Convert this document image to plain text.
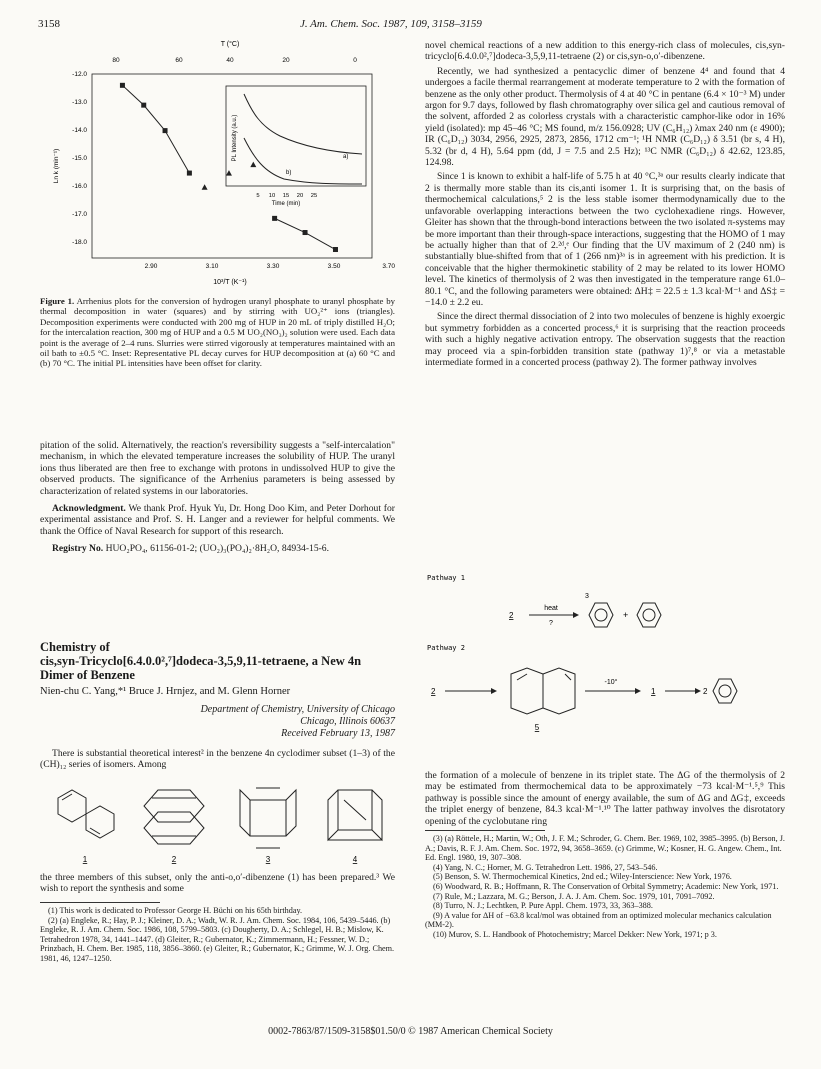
3158	J. Am. Chem. Soc. 1987, 109, 3158–3159
T (°C)
80	60	40	20	0
-12.0
-13.0
-14.0
-15.0
-16.0
-17.0
-18.0
Ln k (min⁻¹)
2.90	3.10	3.30	3.50	3.70
10³/T (K⁻¹)
PL Intensity (a.u.)	a)
b)
5 10 15 20 25
Time (min)
Figure 1. Arrhenius plots for the conversion of hydrogen uranyl phosphate to uranyl phosphate by thermal decomposition in water (squares) and by stirring with UO₂²⁺ ions (triangles). Decomposition experiments were conducted with 200 mg of HUP in 20 mL of triply distilled H₂O; for the intercalation reaction, 300 mg of HUP and a 0.5 M UO₂(NO₃)₂ solution were used. Each data point is the average of 2–4 runs. Slurries were stirred vigorously at temperatures maintained with an oil bath to ±0.5 °C. Inset: Representative PL decay curves for HUP decomposition at (a) 60 °C and (b) 70 °C. The initial PL intensities have been offset for clarity.

pitation of the solid. Alternatively, the reaction's reversibility suggests a "self-intercalation" mechanism, in which the elevated temperature increases the solubility of HUP. The uranyl ions thus liberated are then free to exchange with protons in undissolved HUP to give the observed products. The significance of the Arrhenius parameters is being assessed by characterization of related systems in our laboratories.

Acknowledgment. We thank Prof. Hyuk Yu, Dr. Hong Doo Kim, and Peter Dorhout for experimental assistance and Prof. S. H. Langer and a reviewer for helpful comments. We thank the Office of Naval Research for support of this research.

Registry No. HUO₂PO₄, 61156-01-2; (UO₂)₃(PO₄)₂·8H₂O, 84934-15-6.

Chemistry of
cis,syn-Tricyclo[6.4.0.0²,⁷]dodeca-3,5,9,11-tetraene, a New 4n Dimer of Benzene
Nien-chu C. Yang,*¹ Bruce J. Hrnjez, and M. Glenn Horner
Department of Chemistry, University of Chicago
Chicago, Illinois 60637
Received February 13, 1987

There is substantial theoretical interest² in the benzene 4n cyclodimer subset (1–3) of the (CH)₁₂ series of isomers. Among

1	2	3	4

the three members of this subset, only the anti-o,o′-dibenzene (1) has been prepared.³ We wish to report the synthesis and some

(1) This work is dedicated to Professor George H. Büchi on his 65th birthday.

(2) (a) Engleke, R.; Hay, P. J.; Kleiner, D. A.; Wadt, W. R. J. Am. Chem. Soc. 1984, 106, 5439–5446. (b) Engleke, R. J. Am. Chem. Soc. 1986, 108, 5799–5803. (c) Dougherty, D. A.; Schlegel, H. B.; Mislow, K. Tetrahedron 1978, 34, 1441–1447. (d) Gleiter, R.; Gubernator, K.; Zimmermann, H.; Fessner, W. D.; Prinzbach, H. Chem. Ber. 1985, 118, 3856–3860. (e) Gleiter, R.; Gubernator, K.; Grimme, W. J. Org. Chem. 1981, 46, 1247–1250.

novel chemical reactions of a new addition to this energy-rich class of molecules, cis,syn-tricyclo[6.4.0.0²,⁷]dodeca-3,5,9,11-tetraene (2) or cis,syn-o,o′-dibenzene.

Recently, we had synthesized a pentacyclic dimer of benzene 4⁴ and found that 4 undergoes a facile thermal rearrangement at moderate temperature to 2 with the formation of benzene as the only other product. Thermolysis of 4 at 40 °C in pentane (6.4 × 10⁻³ M) under argon for 9.7 days, followed by flash chromatography over silica gel and cautious removal of the solvent, afforded 2 as colorless crystals with a characteristic camphor-like odor in 16% yield (isolated): mp 45–46 °C; MS found, m/z 156.0928; UV (C₆H₁₂) λmax 240 nm (ε 4900); IR (C₆D₁₂) 3034, 2956, 2925, 2873, 2856, 1712 cm⁻¹; ¹H NMR (C₆D₁₂) δ 3.51 (br s, 4 H), 5.32 (br d, 4 H), 5.64 ppm (dd, J = 7.5 and 2.5 Hz); ¹³C NMR (C₆D₁₂) δ 42.62, 123.85, 124.98.

Since 1 is known to exhibit a half-life of 5.75 h at 40 °C,³ᵃ our results clearly indicate that 2 is thermally more stable than its cis,anti isomer 1. It is surprising that, on the basis of thermochemical calculations,⁵ 2 is the less stable isomer thermodynamically due to the unfavorable overlapping interactions between the two cyclohexadiene rings. However, Gleiter has shown that the through-bond interactions between the two isolated π-systems may be more important than their through-space interactions, suggesting that the HOMO of 1 may be actually higher than that of 2.²ᵈ,ᵉ Our finding that the UV maximum of 2 (240 nm) is substantially blue-shifted from that of 1 (266 nm)³ᵃ is in agreement with his prediction. It is conceivable that the higher thermokinetic stability of 2 may be related to its lower HOMO level. The kinetics of thermolysis of 2 was then investigated in the temperature range 61.0–80.1 °C, and the following parameters were obtained: ΔH‡ = 22.5 ± 1.3 kcal·M⁻¹ and ΔS‡ = −14.0 ± 2.2 eu.

Since the direct thermal dissociation of 2 into two molecules of benzene is highly exoergic but symmetry forbidden as a concerted process,⁶ it is surprising that the reaction proceeds with such a highly negative activation entropy. The observation suggests that the reaction may proceed via a spin-forbidden transition state (pathway 1)⁷,⁸ or via a metastable intermediate formed in a concerted process (pathway 2). The former pathway involves

Pathway 1
2
heat
?
3
+
Pathway 2
2
5
-10°
1	2

the formation of a molecule of benzene in its triplet state. The ΔG of the thermolysis of 2 may be estimated from thermochemical data to be approximately −73 kcal·M⁻¹.⁵,⁹ This pathway is possible since the amount of energy available, the sum of ΔG and ΔG‡, exceeds the triplet energy of benzene, 84.3 kcal·M⁻¹.¹⁰ The latter pathway involves the disrotatory opening of the cyclobutane ring

(3) (a) Röttele, H.; Martin, W.; Oth, J. F. M.; Schroder, G. Chem. Ber. 1969, 102, 3985–3995. (b) Berson, J. A.; Davis, R. F. J. Am. Chem. Soc. 1972, 94, 3658–3659. (c) Grimme, W.; Kosner, H. G. Angew. Chem., Int. Ed. Engl. 1980, 19, 307–308.

(4) Yang, N. C.; Horner, M. G. Tetrahedron Lett. 1986, 27, 543–546.

(5) Benson, S. W. Thermochemical Kinetics, 2nd ed.; Wiley-Interscience: New York, 1976.

(6) Woodward, R. B.; Hoffmann, R. The Conservation of Orbital Symmetry; Academic: New York, 1971.

(7) Rule, M.; Lazzara, M. G.; Berson, J. A. J. Am. Chem. Soc. 1979, 101, 7091–7092.

(8) Turro, N. J.; Lechtken, P. Pure Appl. Chem. 1973, 33, 363–388.

(9) A value for ΔH of −63.8 kcal/mol was obtained from an optimized molecular mechanics calculation (MM-2).

(10) Murov, S. L. Handbook of Photochemistry; Marcel Dekker: New York, 1971; p 3.

0002-7863/87/1509-3158$01.50/0 © 1987 American Chemical Society
